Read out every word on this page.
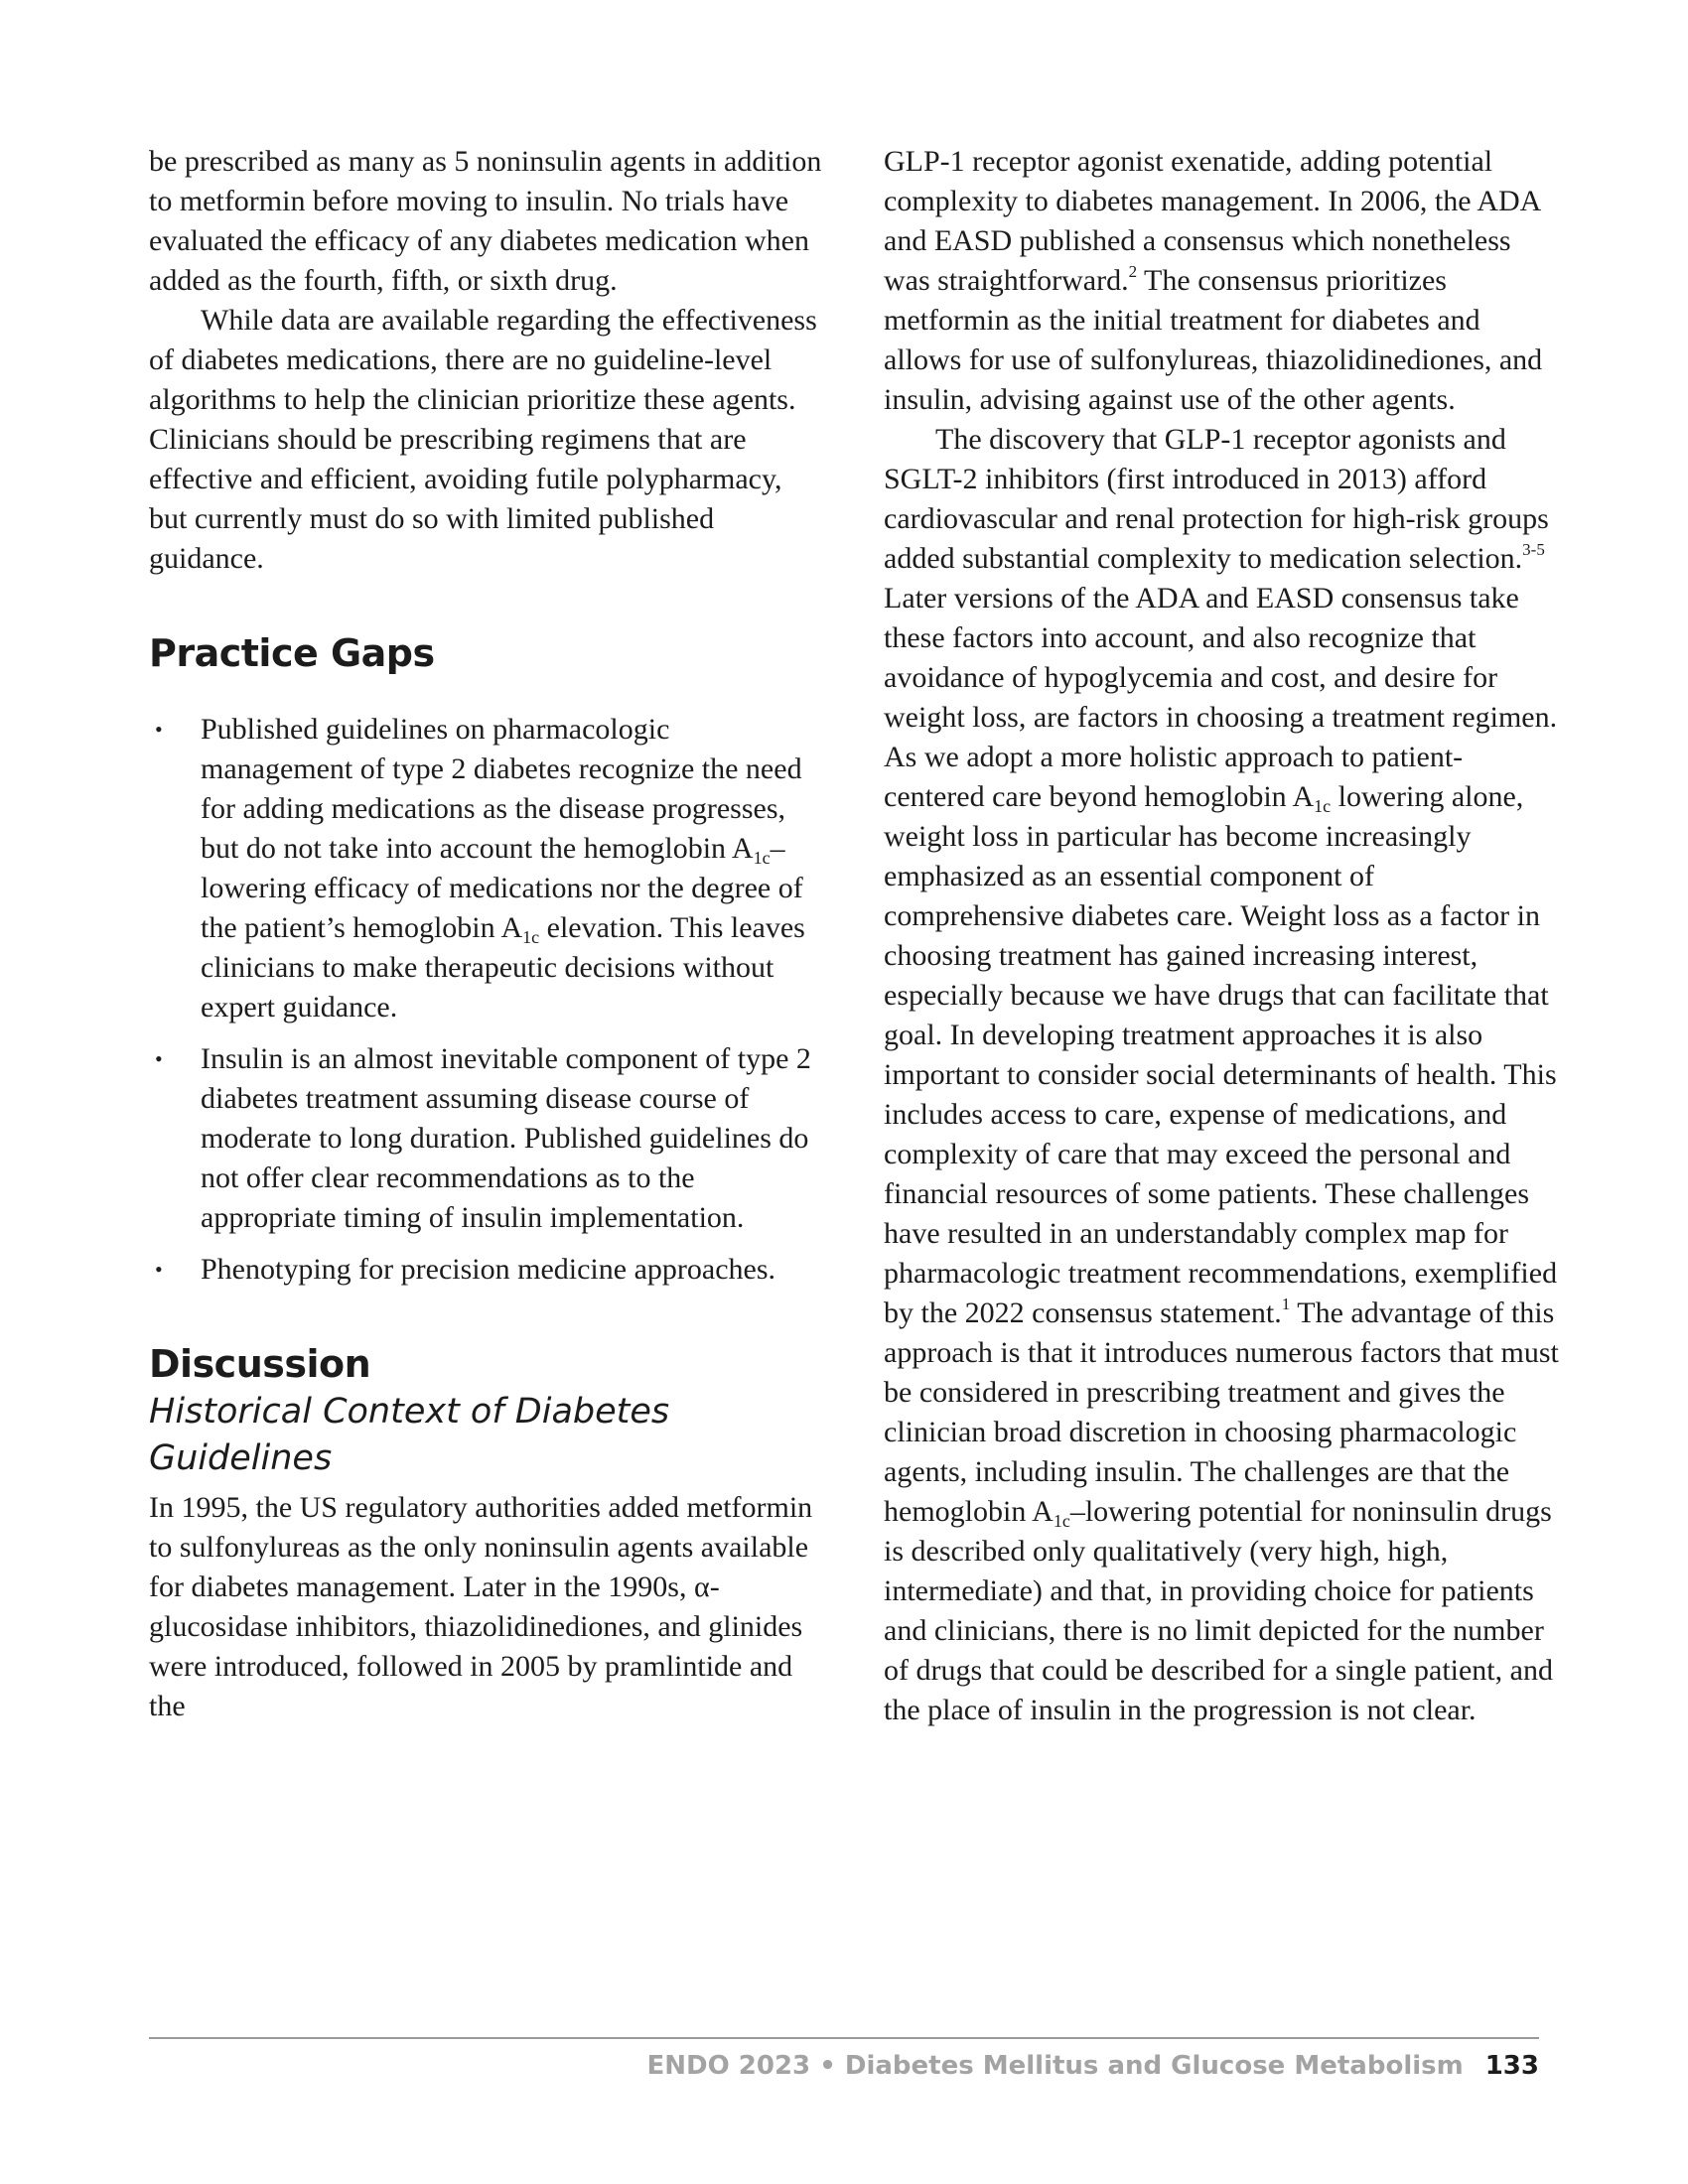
be prescribed as many as 5 noninsulin agents in addition to metformin before moving to insulin. No trials have evaluated the efficacy of any diabetes medication when added as the fourth, fifth, or sixth drug.

While data are available regarding the effectiveness of diabetes medications, there are no guideline-level algorithms to help the clinician prioritize these agents. Clinicians should be prescribing regimens that are effective and efficient, avoiding futile polypharmacy, but currently must do so with limited published guidance.

Practice Gaps
• Published guidelines on pharmacologic management of type 2 diabetes recognize the need for adding medications as the disease progresses, but do not take into account the hemoglobin $A_{1c}$–lowering efficacy of medications nor the degree of the patient’s hemoglobin $A_{1c}$ elevation. This leaves clinicians to make therapeutic decisions without expert guidance.
• Insulin is an almost inevitable component of type 2 diabetes treatment assuming disease course of moderate to long duration. Published guidelines do not offer clear recommendations as to the appropriate timing of insulin implementation.
• Phenotyping for precision medicine approaches.
Discussion
Historical Context of Diabetes Guidelines

In 1995, the US regulatory authorities added metformin to sulfonylureas as the only noninsulin agents available for diabetes management. Later in the 1990s, α-glucosidase inhibitors, thiazolidinediones, and glinides were introduced, followed in 2005 by pramlintide and the

GLP-1 receptor agonist exenatide, adding potential complexity to diabetes management. In 2006, the ADA and EASD published a consensus which nonetheless was straightforward.$^2$ The consensus prioritizes metformin as the initial treatment for diabetes and allows for use of sulfonylureas, thiazolidinediones, and insulin, advising against use of the other agents.

The discovery that GLP-1 receptor agonists and SGLT-2 inhibitors (first introduced in 2013) afford cardiovascular and renal protection for high-risk groups added substantial complexity to medication selection.$^{3-5}$ Later versions of the ADA and EASD consensus take these factors into account, and also recognize that avoidance of hypoglycemia and cost, and desire for weight loss, are factors in choosing a treatment regimen. As we adopt a more holistic approach to patient-centered care beyond hemoglobin $A_{1c}$ lowering alone, weight loss in particular has become increasingly emphasized as an essential component of comprehensive diabetes care. Weight loss as a factor in choosing treatment has gained increasing interest, especially because we have drugs that can facilitate that goal. In developing treatment approaches it is also important to consider social determinants of health. This includes access to care, expense of medications, and complexity of care that may exceed the personal and financial resources of some patients. These challenges have resulted in an understandably complex map for pharmacologic treatment recommendations, exemplified by the 2022 consensus statement.$^1$ The advantage of this approach is that it introduces numerous factors that must be considered in prescribing treatment and gives the clinician broad discretion in choosing pharmacologic agents, including insulin. The challenges are that the hemoglobin $A_{1c}$–lowering potential for noninsulin drugs is described only qualitatively (very high, high, intermediate) and that, in providing choice for patients and clinicians, there is no limit depicted for the number of drugs that could be described for a single patient, and the place of insulin in the progression is not clear.

ENDO 2023 • Diabetes Mellitus and Glucose Metabolism 133
